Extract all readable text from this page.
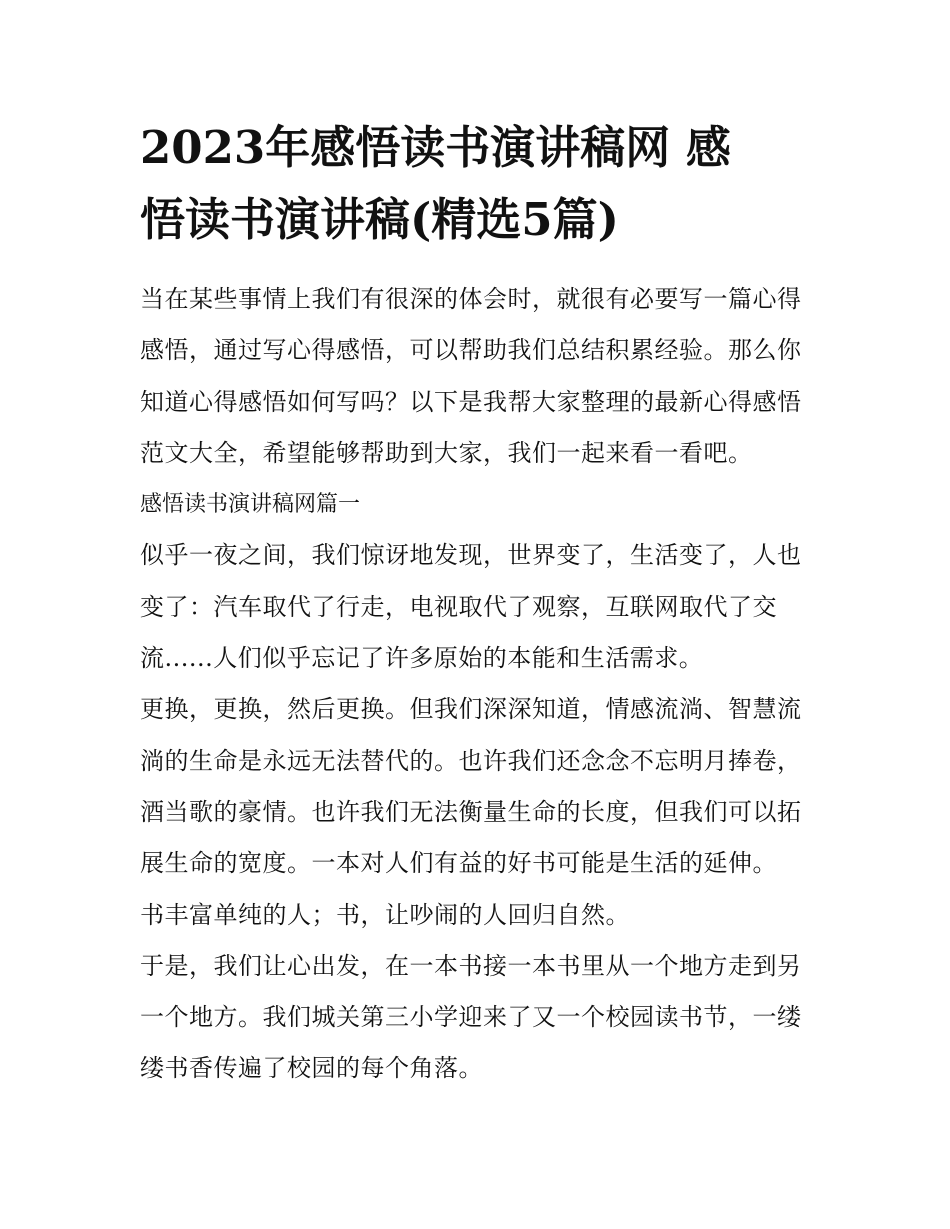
2023年感悟读书演讲稿网 感
悟读书演讲稿(精选5篇)

当在某些事情上我们有很深的体会时，就很有必要写一篇心得
感悟，通过写心得感悟，可以帮助我们总结积累经验。那么你
知道心得感悟如何写吗？以下是我帮大家整理的最新心得感悟
范文大全，希望能够帮助到大家，我们一起来看一看吧。

感悟读书演讲稿网篇一

似乎一夜之间，我们惊讶地发现，世界变了，生活变了，人也
变了：汽车取代了行走，电视取代了观察，互联网取代了交
流......人们似乎忘记了许多原始的本能和生活需求。

更换，更换，然后更换。但我们深深知道，情感流淌、智慧流
淌的生命是永远无法替代的。也许我们还念念不忘明月捧卷，
酒当歌的豪情。也许我们无法衡量生命的长度，但我们可以拓
展生命的宽度。一本对人们有益的好书可能是生活的延伸。

书丰富单纯的人；书，让吵闹的人回归自然。

于是，我们让心出发，在一本书接一本书里从一个地方走到另
一个地方。我们城关第三小学迎来了又一个校园读书节，一缕
缕书香传遍了校园的每个角落。
